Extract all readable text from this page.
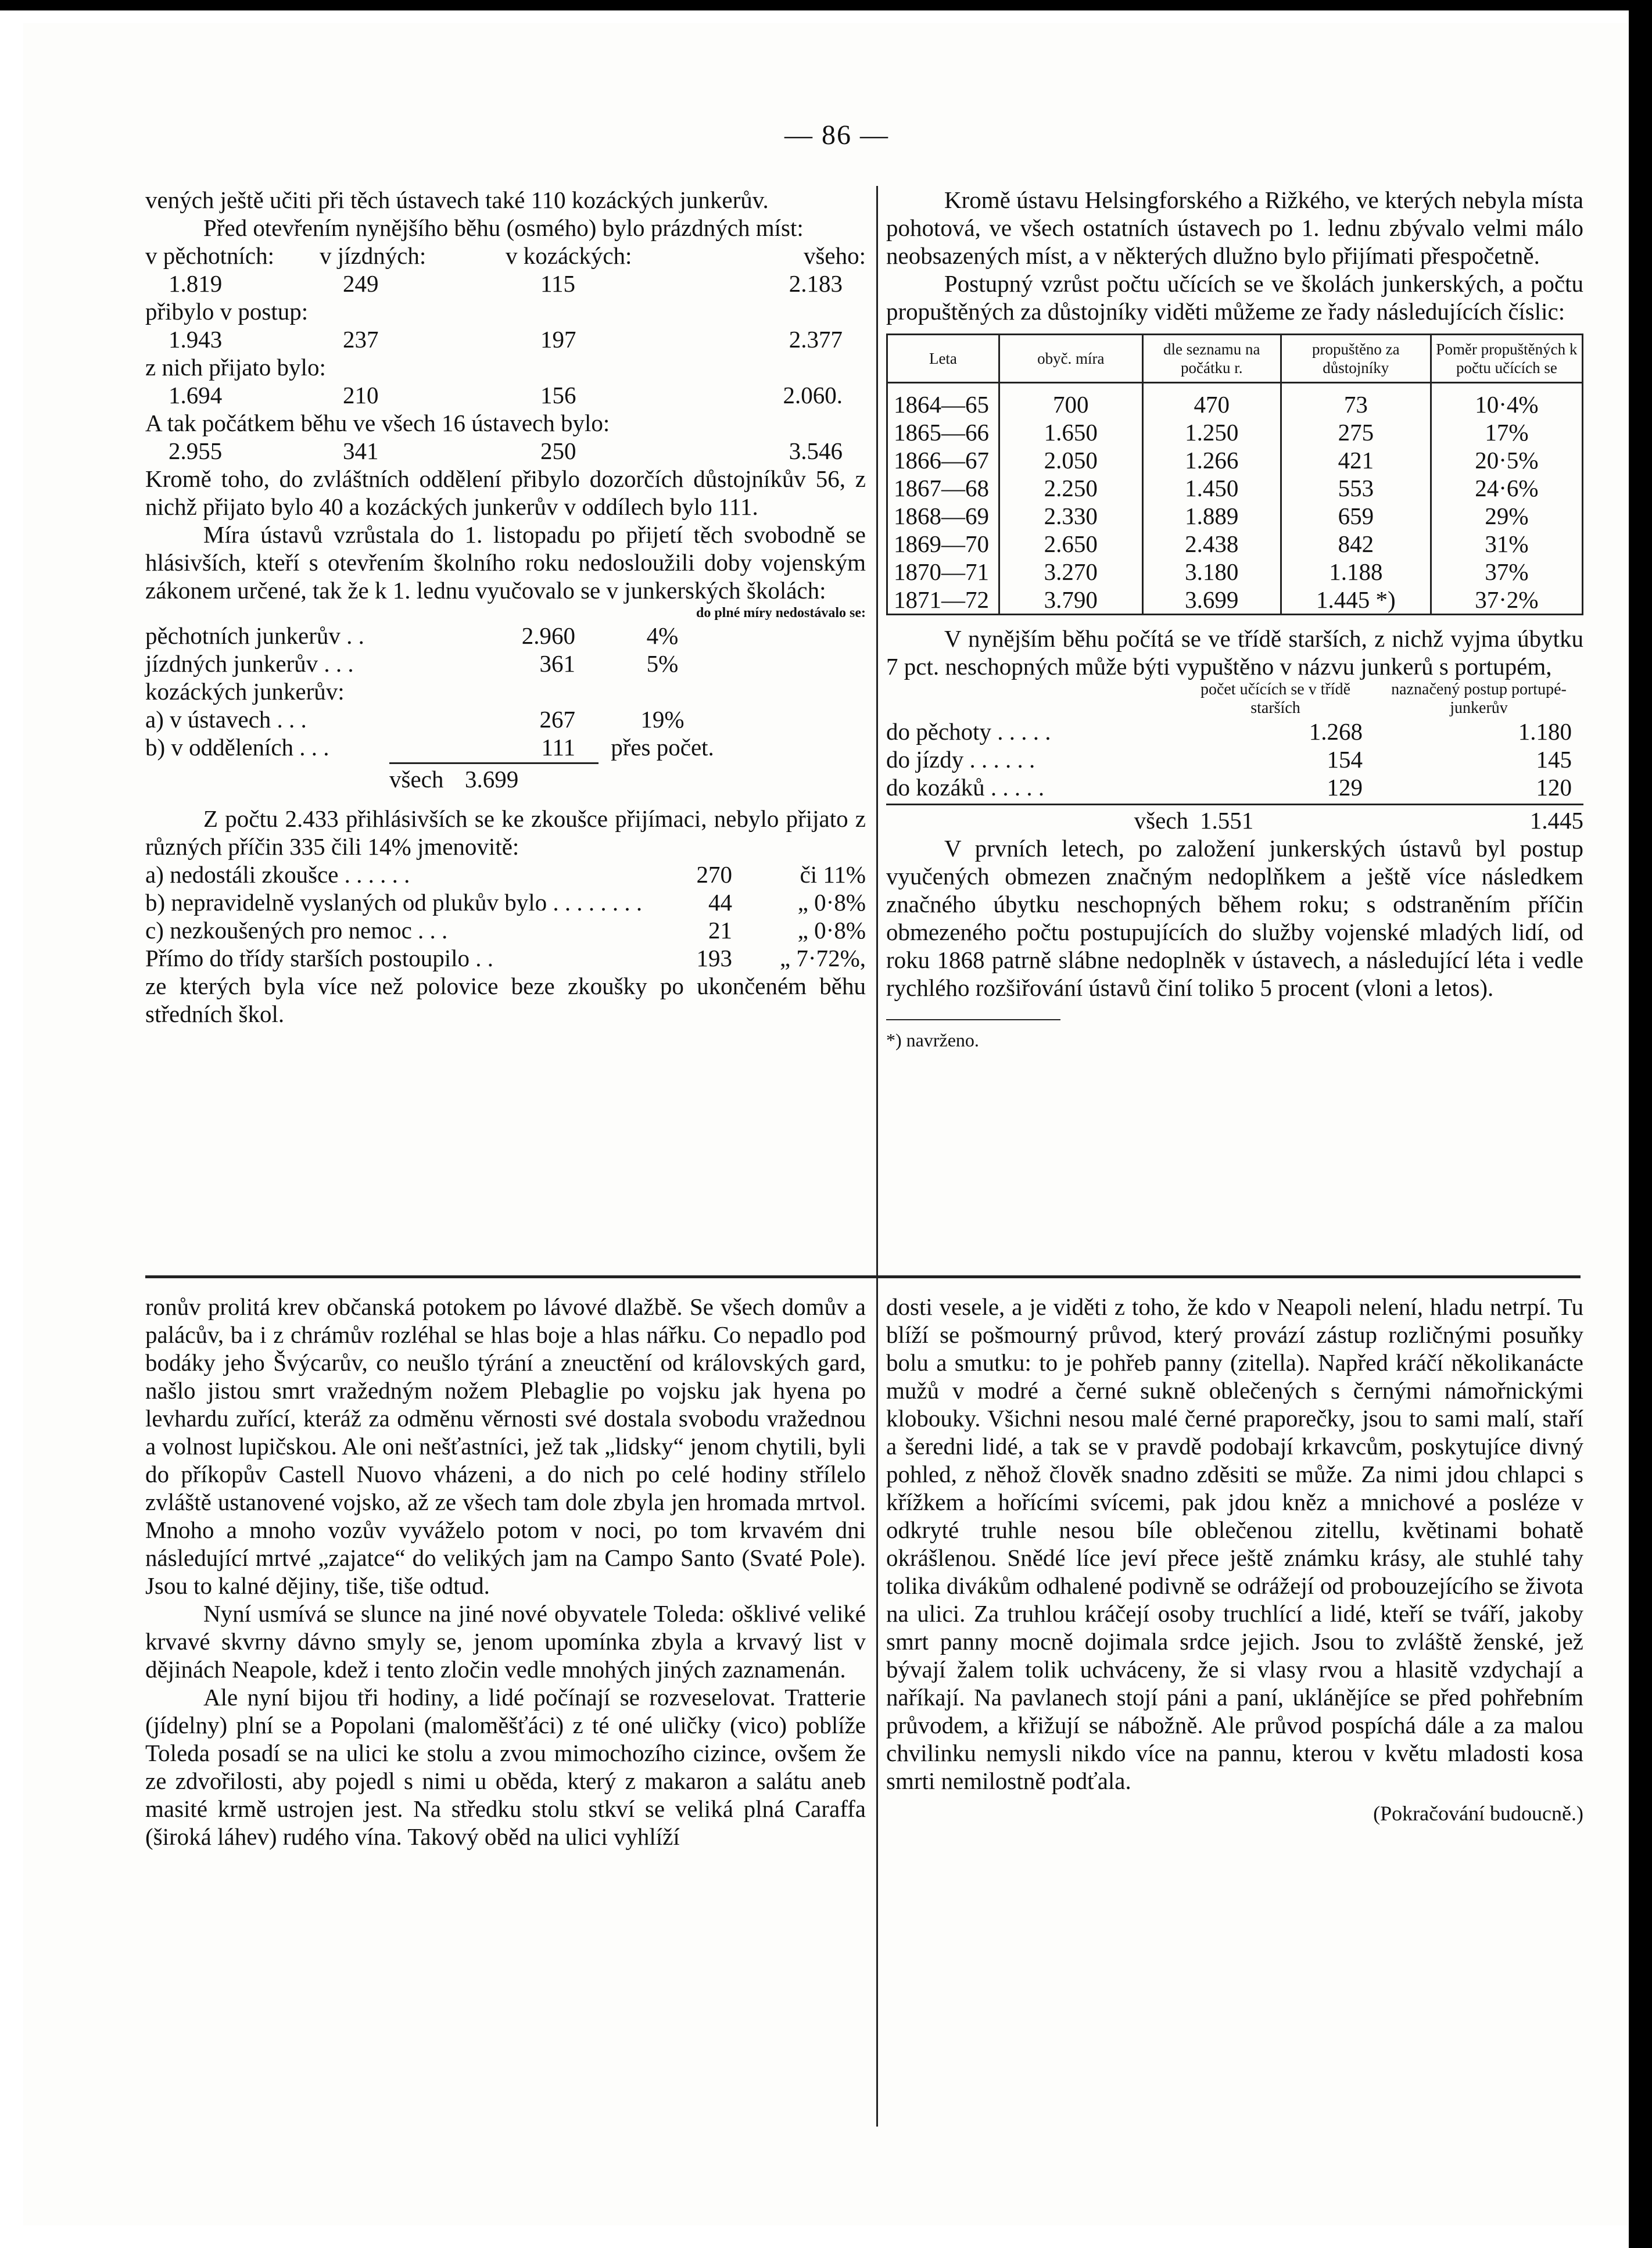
— 86 —

vených ještě učiti při těch ústavech také 110 kozáckých junkerův.

Před otevřením nynějšího běhu (osmého) bylo prázdných míst:

v pěchotních:	v jízdných:	v kozáckých:	všeho:
1.819	249	115	2.183

přibylo v postup:

1.943	237	197	2.377

z nich přijato bylo:

1.694	210	156	2.060.

A tak počátkem běhu ve všech 16 ústavech bylo:

2.955	341	250	3.546

Kromě toho, do zvláštních oddělení přibylo dozorčích důstojníkův 56, z nichž přijato bylo 40 a kozáckých junkerův v oddílech bylo 111.

Míra ústavů vzrůstala do 1. listopadu po přijetí těch svobodně se hlásivších, kteří s otevřením školního roku nedosloužili doby vojenským zákonem určené, tak že k 1. lednu vyučovalo se v junkerských školách:

do plné míry nedostávalo se:
pěchotních junkerův . .	2.960	4%
jízdných junkerův . . .	361	5%
kozáckých junkerův:
a) v ústavech . . .	267	19%
b) v odděleních . . .	111	přes počet.
všech 3.699

Z počtu 2.433 přihlásivších se ke zkoušce přijímaci, nebylo přijato z různých příčin 335 čili 14% jmenovitě:

a) nedostáli zkoušce . . . . . .	270	či 11%
b) nepravidelně vyslaných od plukův bylo . . . . . . . .	44	„ 0·8%
c) nezkoušených pro nemoc . . .	21	„ 0·8%
Přímo do třídy starších postoupilo . .	193	„ 7·72%,

ze kterých byla více než polovice beze zkoušky po ukončeném běhu středních škol.

Kromě ústavu Helsingforského a Rižkého, ve kterých nebyla místa pohotová, ve všech ostatních ústavech po 1. lednu zbývalo velmi málo neobsazených míst, a v některých dlužno bylo přijímati přespočetně.

Postupný vzrůst počtu učících se ve školách junkerských, a počtu propuštěných za důstojníky viděti můžeme ze řady následujících číslic:

Leta	obyč. míra	dle seznamu na počátku r.	propuštěno za důstojníky	Poměr propuštěných k počtu učících se
1864—65	700	470	73	10·4%
1865—66	1.650	1.250	275	17%
1866—67	2.050	1.266	421	20·5%
1867—68	2.250	1.450	553	24·6%
1868—69	2.330	1.889	659	29%
1869—70	2.650	2.438	842	31%
1870—71	3.270	3.180	1.188	37%
1871—72	3.790	3.699	1.445 *)	37·2%

V nynějším běhu počítá se ve třídě starších, z nichž vyjma úbytku 7 pct. neschopných může býti vypuštěno v názvu junkerů s portupém,

počet učících se v třídě starších
naznačený postup portupé-junkerův
do pěchoty . . . . .	1.268	1.180
do jízdy . . . . . .	154	145
do kozáků . . . . .	129	120
všech 1.551	1.445

V prvních letech, po založení junkerských ústavů byl postup vyučených obmezen značným nedoplňkem a ještě více následkem značného úbytku neschopných během roku; s odstraněním příčin obmezeného počtu postupujících do služby vojenské mladých lidí, od roku 1868 patrně slábne nedoplněk v ústavech, a následující léta i vedle rychlého rozšiřování ústavů činí toliko 5 procent (vloni a letos).

*) navrženo.

ronův prolitá krev občanská potokem po lávové dlažbě. Se všech domův a palácův, ba i z chrámův rozléhal se hlas boje a hlas nářku. Co nepadlo pod bodáky jeho Švýcarův, co neušlo týrání a zneuctění od královských gard, našlo jistou smrt vražedným nožem Plebaglie po vojsku jak hyena po levhardu zuřící, kteráž za odměnu věrnosti své dostala svobodu vražednou a volnost lupičskou. Ale oni nešťastníci, jež tak „lidsky“ jenom chytili, byli do příkopův Castell Nuovo vházeni, a do nich po celé hodiny střílelo zvláště ustanovené vojsko, až ze všech tam dole zbyla jen hromada mrtvol. Mnoho a mnoho vozův vyváželo potom v noci, po tom krvavém dni následující mrtvé „zajatce“ do velikých jam na Campo Santo (Svaté Pole). Jsou to kalné dějiny, tiše, tiše odtud.

Nyní usmívá se slunce na jiné nové obyvatele Toleda: ošklivé veliké krvavé skvrny dávno smyly se, jenom upomínka zbyla a krvavý list v dějinách Neapole, kdež i tento zločin vedle mnohých jiných zaznamenán.

Ale nyní bijou tři hodiny, a lidé počínají se rozveselovat. Tratterie (jídelny) plní se a Popolani (maloměšťáci) z té oné uličky (vico) poblíže Toleda posadí se na ulici ke stolu a zvou mimochozího cizince, ovšem že ze zdvořilosti, aby pojedl s nimi u oběda, který z makaron a salátu aneb masité krmě ustrojen jest. Na středku stolu stkví se veliká plná Caraffa (široká láhev) rudého vína. Takový oběd na ulici vyhlíží

dosti vesele, a je viděti z toho, že kdo v Neapoli nelení, hladu netrpí. Tu blíží se pošmourný průvod, který provází zástup rozličnými posuňky bolu a smutku: to je pohřeb panny (zitella). Napřed kráčí několikanácte mužů v modré a černé sukně oblečených s černými námořnickými klobouky. Všichni nesou malé černé praporečky, jsou to sami malí, staří a šeredni lidé, a tak se v pravdě podobají krkavcům, poskytujíce divný pohled, z něhož člověk snadno zděsiti se může. Za nimi jdou chlapci s křížkem a hořícími svícemi, pak jdou kněz a mnichové a posléze v odkryté truhle nesou bíle oblečenou zitellu, květinami bohatě okrášlenou. Snědé líce jeví přece ještě známku krásy, ale stuhlé tahy tolika divákům odhalené podivně se odrážejí od probouzejícího se života na ulici. Za truhlou kráčejí osoby truchlící a lidé, kteří se tváří, jakoby smrt panny mocně dojimala srdce jejich. Jsou to zvláště ženské, jež bývají žalem tolik uchváceny, že si vlasy rvou a hlasitě vzdychají a naříkají. Na pavlanech stojí páni a paní, uklánějíce se před pohřebním průvodem, a křižují se nábožně. Ale průvod pospíchá dále a za malou chvilinku nemysli nikdo více na pannu, kterou v květu mladosti kosa smrti nemilostně podťala.

(Pokračování budoucně.)
